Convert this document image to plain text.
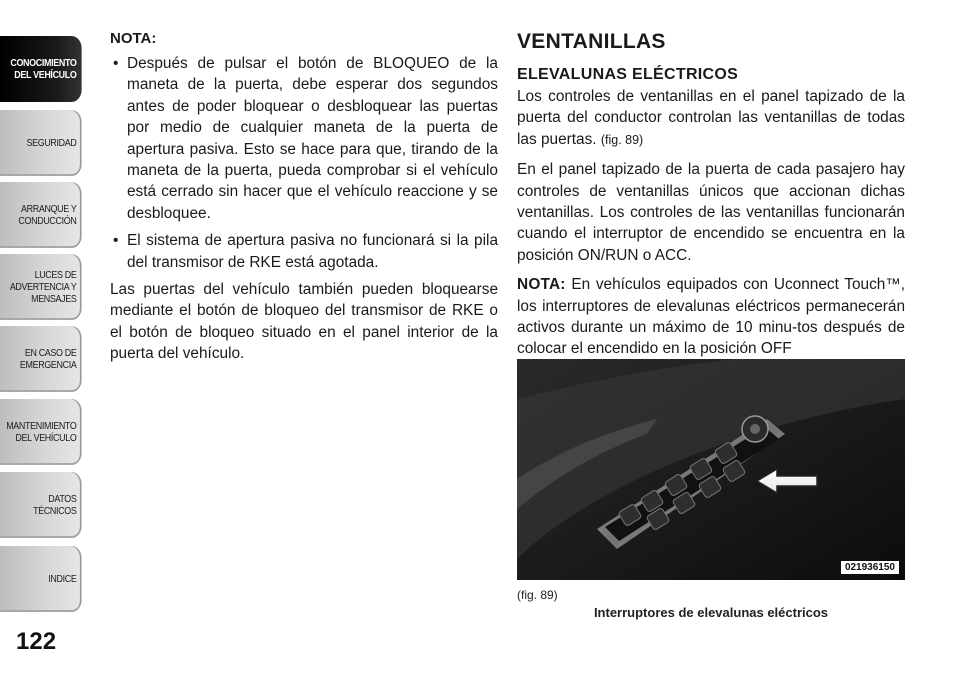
CONOCIMIENTO
DEL VEHÍCULO
SEGURIDAD
ARRANQUE Y
CONDUCCIÓN
LUCES DE
ADVERTENCIA Y
MENSAJES
EN CASO DE
EMERGENCIA
MANTENIMIENTO
DEL VEHÍCULO
DATOS
TÉCNICOS
INDICE
122
NOTA:
• Después de pulsar el botón de BLOQUEO de la maneta de la puerta, debe esperar dos segundos antes de poder bloquear o desbloquear las puertas por medio de cualquier maneta de la puerta de apertura pasiva. Esto se hace para que, tirando de la maneta de la puerta, pueda comprobar si el vehículo está cerrado sin hacer que el vehículo reaccione y se desbloquee.
• El sistema de apertura pasiva no funcionará si la pila del transmisor de RKE está agotada.

Las puertas del vehículo también pueden bloquearse mediante el botón de bloqueo del transmisor de RKE o el botón de bloqueo situado en el panel interior de la puerta del vehículo.

VENTANILLAS
ELEVALUNAS ELÉCTRICOS

Los controles de ventanillas en el panel tapizado de la puerta del conductor controlan las ventanillas de todas las puertas. (fig. 89)

En el panel tapizado de la puerta de cada pasajero hay controles de ventanillas únicos que accionan dichas ventanillas. Los controles de las ventanillas funcionarán cuando el interruptor de encendido se encuentra en la posición ON/RUN o ACC.

NOTA: En vehículos equipados con Uconnect Touch™, los interruptores de elevalunas eléctricos permanecerán activos durante un máximo de 10 minu-tos después de colocar el encendido en la posición OFF

021936150
(fig. 89)
Interruptores de elevalunas eléctricos
